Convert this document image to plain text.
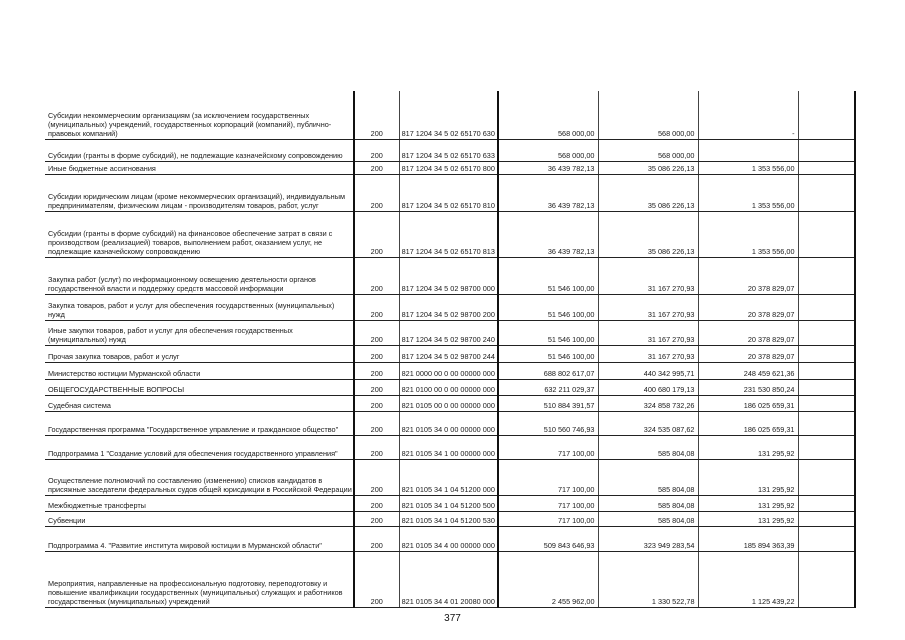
Субсидии некоммерческим организациям (за исключением государственных (муниципальных) учреждений, государственных корпораций (компаний), публично-правовых компаний)	200	817 1204 34 5 02 65170 630	568 000,00	568 000,00	-	
Субсидии (гранты в форме субсидий), не подлежащие казначейскому сопровождению	200	817 1204 34 5 02 65170 633	568 000,00	568 000,00		
Иные бюджетные ассигнования	200	817 1204 34 5 02 65170 800	36 439 782,13	35 086 226,13	1 353 556,00	
Субсидии юридическим лицам (кроме некоммерческих организаций), индивидуальным предпринимателям, физическим лицам - производителям товаров, работ, услуг	200	817 1204 34 5 02 65170 810	36 439 782,13	35 086 226,13	1 353 556,00	
Субсидии (гранты в форме субсидий) на финансовое обеспечение затрат в связи с производством (реализацией) товаров, выполнением работ, оказанием услуг, не подлежащие казначейскому сопровождению	200	817 1204 34 5 02 65170 813	36 439 782,13	35 086 226,13	1 353 556,00	
Закупка работ (услуг) по информационному освещению деятельности органов государственной власти и поддержку средств массовой информации	200	817 1204 34 5 02 98700 000	51 546 100,00	31 167 270,93	20 378 829,07	
Закупка товаров, работ и услуг для обеспечения государственных (муниципальных) нужд	200	817 1204 34 5 02 98700 200	51 546 100,00	31 167 270,93	20 378 829,07	
Иные закупки товаров, работ и услуг для обеспечения государственных (муниципальных) нужд	200	817 1204 34 5 02 98700 240	51 546 100,00	31 167 270,93	20 378 829,07	
Прочая закупка товаров, работ и услуг	200	817 1204 34 5 02 98700 244	51 546 100,00	31 167 270,93	20 378 829,07	
Министерство юстиции Мурманской области	200	821 0000 00 0 00 00000 000	688 802 617,07	440 342 995,71	248 459 621,36	
ОБЩЕГОСУДАРСТВЕННЫЕ ВОПРОСЫ	200	821 0100 00 0 00 00000 000	632 211 029,37	400 680 179,13	231 530 850,24	
Судебная система	200	821 0105 00 0 00 00000 000	510 884 391,57	324 858 732,26	186 025 659,31	
Государственная программа "Государственное управление и гражданское общество"	200	821 0105 34 0 00 00000 000	510 560 746,93	324 535 087,62	186 025 659,31	
Подпрограмма 1 "Создание условий для обеспечения государственного управления"	200	821 0105 34 1 00 00000 000	717 100,00	585 804,08	131 295,92	
Осуществление полномочий по составлению (изменению) списков кандидатов в присяжные заседатели федеральных судов общей юрисдикции в Российской Федерации	200	821 0105 34 1 04 51200 000	717 100,00	585 804,08	131 295,92	
Межбюджетные трансферты	200	821 0105 34 1 04 51200 500	717 100,00	585 804,08	131 295,92	
Субвенции	200	821 0105 34 1 04 51200 530	717 100,00	585 804,08	131 295,92	
Подпрограмма 4. "Развитие института мировой юстиции в Мурманской области"	200	821 0105 34 4 00 00000 000	509 843 646,93	323 949 283,54	185 894 363,39	
Мероприятия, направленные на профессиональную подготовку, переподготовку и повышение квалификации государственных (муниципальных) служащих и работников государственных (муниципальных) учреждений	200	821 0105 34 4 01 20080 000	2 455 962,00	1 330 522,78	1 125 439,22	
377
